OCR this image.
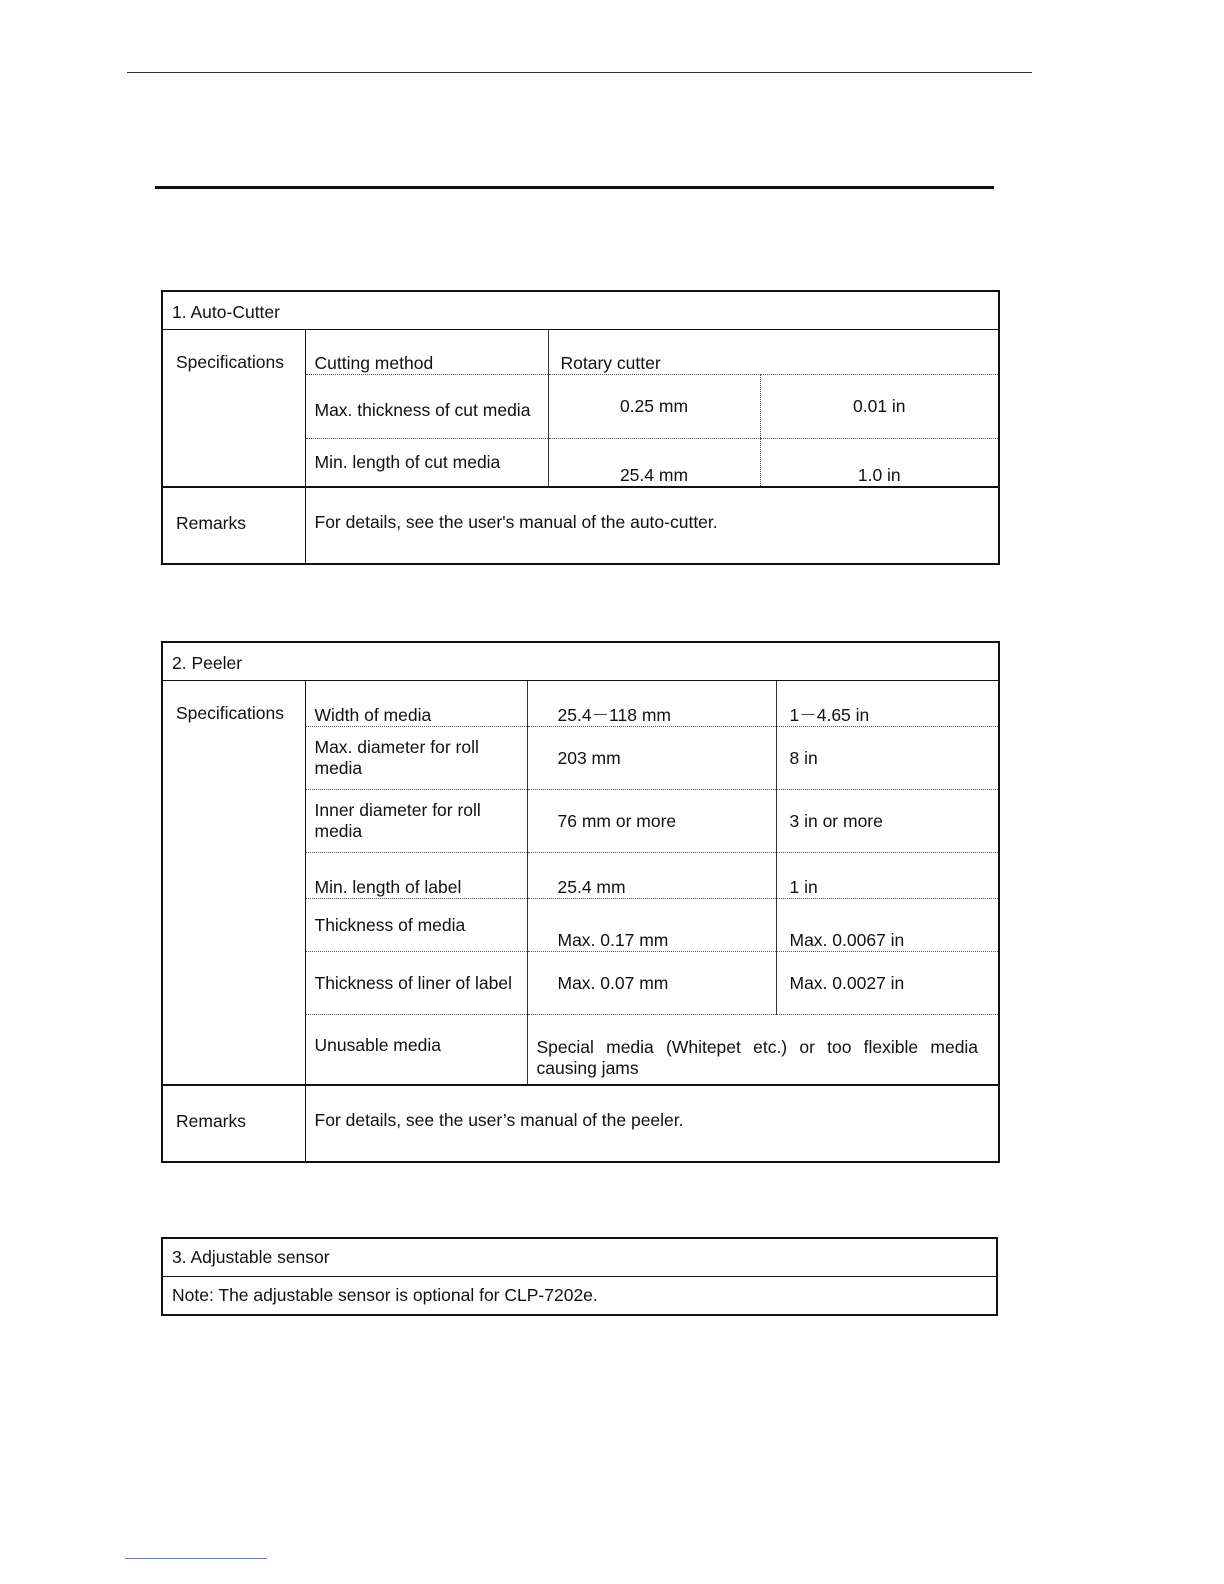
1. Auto-Cutter			
Specifications	Cutting method	Rotary cutter	

	Max. thickness of cut media	0.25 mm	0.01 in

	Min. length of cut media	25.4 mm	1.0 in

Remarks	For details, see the user's manual of the auto-cutter.		
2. Peeler			
Specifications	Width of media	25.4－118 mm	1－4.65 in

	Max. diameter for roll media	203 mm	8 in

	Inner diameter for roll media	76 mm or more	3 in or more

	Min. length of label	25.4 mm	1 in

	Thickness of media	Max. 0.17 mm	Max. 0.0067 in

	Thickness of liner of label	Max. 0.07 mm	Max. 0.0027 in

	Unusable media	Special media (Whitepet etc.) or too flexible media causing jams	
Remarks	For details, see the user’s manual of the peeler.		
3. Adjustable sensor
Note: The adjustable sensor is optional for CLP-7202e.
